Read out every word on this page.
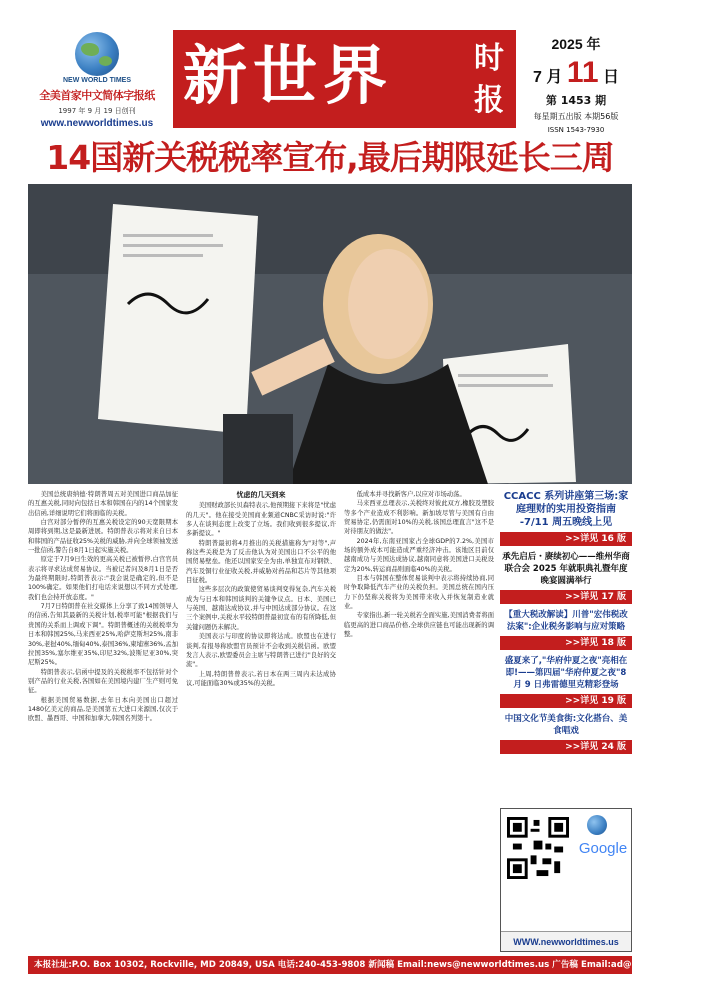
NEW WORLD TIMES
全美首家中文简体字报纸
1997 年 9 月 19 日创刊
www.newworldtimes.us
新世界	时
报
2025 年
7 月 11 日
第 1453 期
每星期五出版 本期56版
ISSN 1543-7930
14国新关税税率宣布,最后期限延长三周

美国总统唐纳德·特朗普周五对美国进口商品加征的互惠关税,同时向包括日本和韩国在内的14个国家发出信函,详细说明它们将面临的关税。

白宫对部分暂停的互惠关税设定的90天宽限期本周即将到期,这是最新进展。特朗普表示将对来自日本和韩国的产品征收25%关税的威胁,并向全球领袖发送一批信函,警告自8月1日起实施关税。

原定于7月9日生效的更高关税已被暂停,白宫官员表示将寻求达成贸易协议。当被记者问及8月1日是否为最终期限时,特朗普表示:"我会说是确定的,但不是100%确定。如果他们打电话来说想以不同方式处理,我们也会持开放态度。"

7月7日特朗普在社交媒体上分享了致14国领导人的信函,告知其最新的关税计划,税率可能"根据我们与贵国的关系而上调或下调"。特朗普概述的关税税率为日本和韩国25%,马来西亚25%,哈萨克斯坦25%,南非30%,老挝40%,缅甸40%,泰国36%,柬埔寨36%,孟加拉国35%,塞尔维亚35%,印尼32%,波斯尼亚30%,突尼斯25%。

特朗普表示,信函中提及的关税税率不包括针对个别产品的行业关税,各国如在美国境内建厂生产则可免征。

根据美国贸易数据,去年日本向美国出口超过1480亿美元的商品,是美国第五大进口来源国,仅次于欧盟、墨西哥、中国和加拿大,韩国名列第十。

忧虑的几天到来

美国财政部长贝森特表示,他预期接下来将是"忧虑的几天"。他在接受美国商业频道CNBC采访时说:"许多人在谈判态度上改变了立场。我们收到很多提议,许多新提议。"

特朗普最初将4月推出的关税措施称为"对等",声称这些关税是为了反击他认为对美国出口不公平的他国贸易壁垒。他还以国家安全为由,单独宣布对钢铁、汽车及铜行业征收关税,并威胁对药品和芯片等其他项目征税。

这些多层次的政策使贸易谈判变得复杂,汽车关税成为与日本和韩国谈判的关键争议点。日本、美国已与英国、越南达成协议,并与中国达成部分协议。在这三个案例中,关税水平较特朗普最初宣布的有所降低,但关键问题仍未解决。

美国表示与印度的协议即将达成。欧盟也在进行谈判,有报导称欧盟官员预计不会收到关税信函。欧盟发言人表示,欧盟委员会主席与特朗普已进行"良好的交流"。

上周,特朗普曾表示,若日本在两三周内未达成协议,可能面临30%或35%的关税。

低成本并寻找新客户,以应对市场动荡。

马来西亚总理表示,关税终对彼此双方,橡胶及塑胶等多个产业造成不利影响。新加坡尽管与美国有自由贸易协定,仍需面对10%的关税,该国总理直言"这不是对待朋友的做法"。

2024年,东南亚国家占全球GDP的7.2%,美国市场的额外成本可能造成严重经济冲击。该地区目前仅越南成功与美国达成协议,越南同意将美国进口关税设定为20%,转运商品则面临40%的关税。

目本与韩国在整体贸易谈判中表示将持续协商,同时争取降低汽车产业的关税负担。美国总统在国内压力下仍坚称关税将为美国带来收入并恢复制造业就业。

专家指出,新一轮关税若全面实施,美国消费者将面临更高的进口商品价格,全球供应链也可能出现新的调整。

CCACC 系列讲座第三场:家庭理财的实用投资指南 -7/11 周五晚线上见
>>详见 16 版
承先启后・赓续初心——维州华商联合会 2025 年就职典礼暨年度晚宴圆满举行
>>详见 17 版
【重大税改解读】川普"宏伟税改法案":企业税务影响与应对策略
>>详见 18 版
盛夏来了,"华府仲夏之夜"亮相在即!——第四届"华府仲夏之夜"8 月 9 日弗雷德里克精彩登场
>>详见 19 版
中国文化节美食街:文化搭台、美食唱戏
>>详见 24 版
Google
WWW.newworldtimes.us
本报社址:P.O. Box 10302, Rockville, MD 20849, USA 电话:240-453-9808 新闻稿 Email:news@newworldtimes.us 广告稿 Email:ad@newworldtimes.us
